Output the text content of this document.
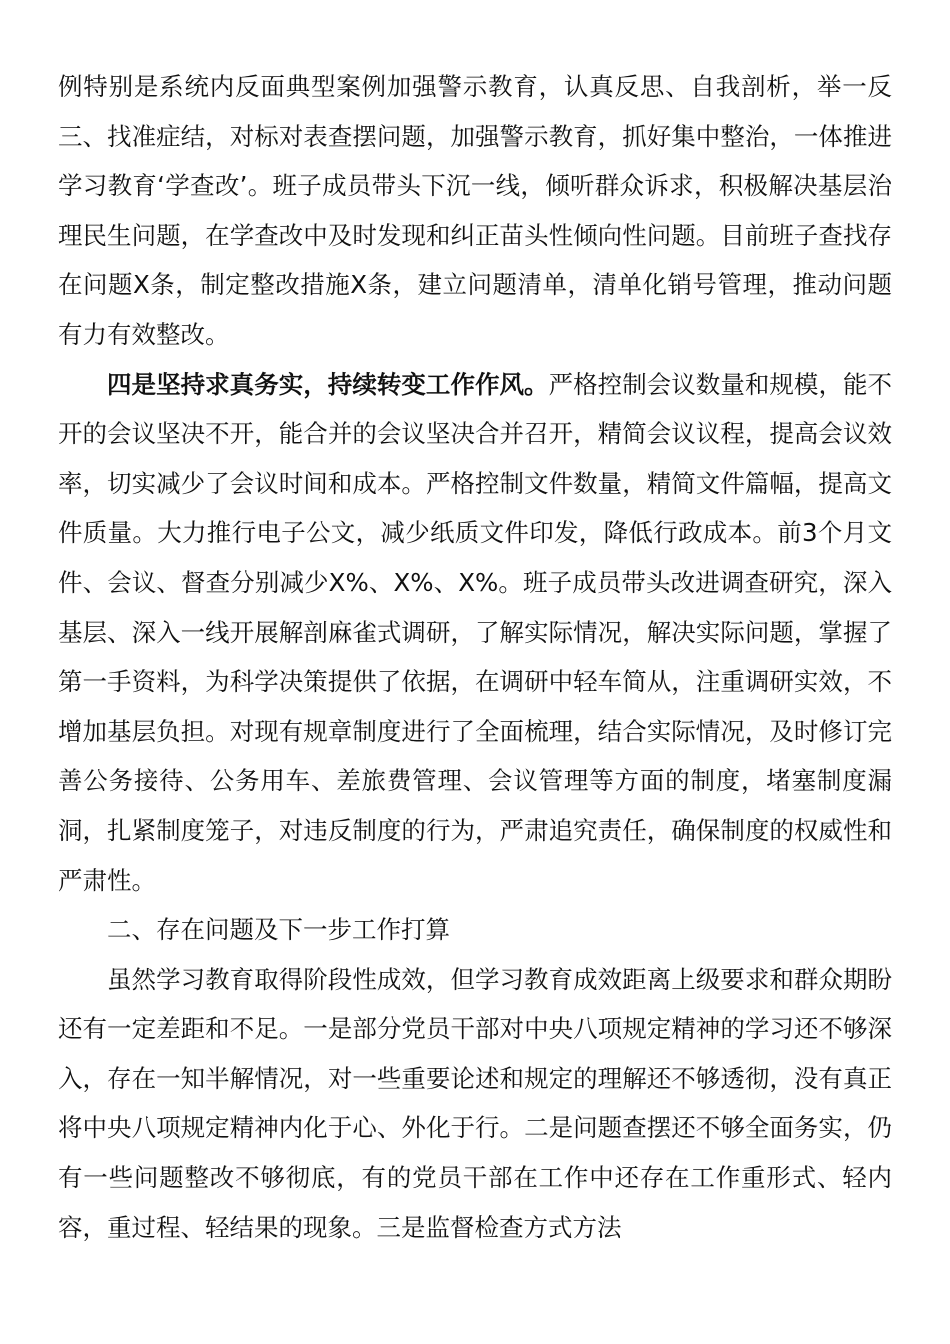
例特别是系统内反面典型案例加强警示教育，认真反思、自我剖析，举一反三、找准症结，对标对表查摆问题，加强警示教育，抓好集中整治，一体推进学习教育‘学查改’。班子成员带头下沉一线，倾听群众诉求，积极解决基层治理民生问题，在学查改中及时发现和纠正苗头性倾向性问题。目前班子查找存在问题X条，制定整改措施X条，建立问题清单，清单化销号管理，推动问题有力有效整改。

四是坚持求真务实，持续转变工作作风。严格控制会议数量和规模，能不开的会议坚决不开，能合并的会议坚决合并召开，精简会议议程，提高会议效率，切实减少了会议时间和成本。严格控制文件数量，精简文件篇幅，提高文件质量。大力推行电子公文，减少纸质文件印发，降低行政成本。前3个月文件、会议、督查分别减少X%、X%、X%。班子成员带头改进调查研究，深入基层、深入一线开展解剖麻雀式调研，了解实际情况，解决实际问题，掌握了第一手资料，为科学决策提供了依据，在调研中轻车简从，注重调研实效，不增加基层负担。对现有规章制度进行了全面梳理，结合实际情况，及时修订完善公务接待、公务用车、差旅费管理、会议管理等方面的制度，堵塞制度漏洞，扎紧制度笼子，对违反制度的行为，严肃追究责任，确保制度的权威性和严肃性。

二、存在问题及下一步工作打算

虽然学习教育取得阶段性成效，但学习教育成效距离上级要求和群众期盼还有一定差距和不足。一是部分党员干部对中央八项规定精神的学习还不够深入，存在一知半解情况，对一些重要论述和规定的理解还不够透彻，没有真正将中央八项规定精神内化于心、外化于行。二是问题查摆还不够全面务实，仍有一些问题整改不够彻底，有的党员干部在工作中还存在工作重形式、轻内容，重过程、轻结果的现象。三是监督检查方式方法
